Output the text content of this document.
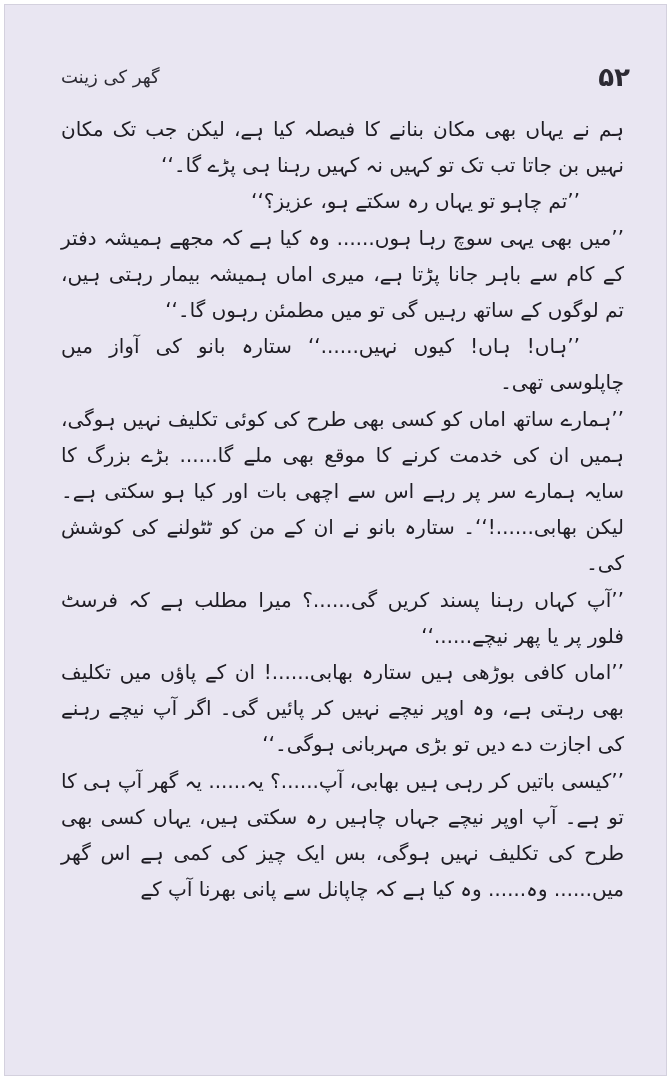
۵۲
گھر کی زینت

ہم نے یہاں بھی مکان بنانے کا فیصلہ کیا ہے، لیکن جب تک مکان نہیں بن جاتا تب تک تو کہیں نہ کہیں رہنا ہی پڑے گا۔‘‘

’’تم چاہو تو یہاں رہ سکتے ہو، عزیز؟‘‘

’’میں بھی یہی سوچ رہا ہوں...... وہ کیا ہے کہ مجھے ہمیشہ دفتر کے کام سے باہر جانا پڑتا ہے، میری اماں ہمیشہ بیمار رہتی ہیں، تم لوگوں کے ساتھ رہیں گی تو میں مطمئن رہوں گا۔‘‘

’’ہاں! ہاں! کیوں نہیں......‘‘ ستارہ بانو کی آواز میں چاپلوسی تھی۔

’’ہمارے ساتھ اماں کو کسی بھی طرح کی کوئی تکلیف نہیں ہوگی، ہمیں ان کی خدمت کرنے کا موقع بھی ملے گا...... بڑے بزرگ کا سایہ ہمارے سر پر رہے اس سے اچھی بات اور کیا ہو سکتی ہے۔ لیکن بھابی......!‘‘۔ ستارہ بانو نے ان کے من کو ٹٹولنے کی کوشش کی۔

’’آپ کہاں رہنا پسند کریں گی......؟ میرا مطلب ہے کہ فرسٹ فلور پر یا پھر نیچے......‘‘

’’اماں کافی بوڑھی ہیں ستارہ بھابی......! ان کے پاؤں میں تکلیف بھی رہتی ہے، وہ اوپر نیچے نہیں کر پائیں گی۔ اگر آپ نیچے رہنے کی اجازت دے دیں تو بڑی مہربانی ہوگی۔‘‘

’’کیسی باتیں کر رہی ہیں بھابی، آپ......؟ یہ...... یہ گھر آپ ہی کا تو ہے۔ آپ اوپر نیچے جہاں چاہیں رہ سکتی ہیں، یہاں کسی بھی طرح کی تکلیف نہیں ہوگی، بس ایک چیز کی کمی ہے اس گھر میں...... وہ...... وہ کیا ہے کہ چاپانل سے پانی بھرنا آپ کے
